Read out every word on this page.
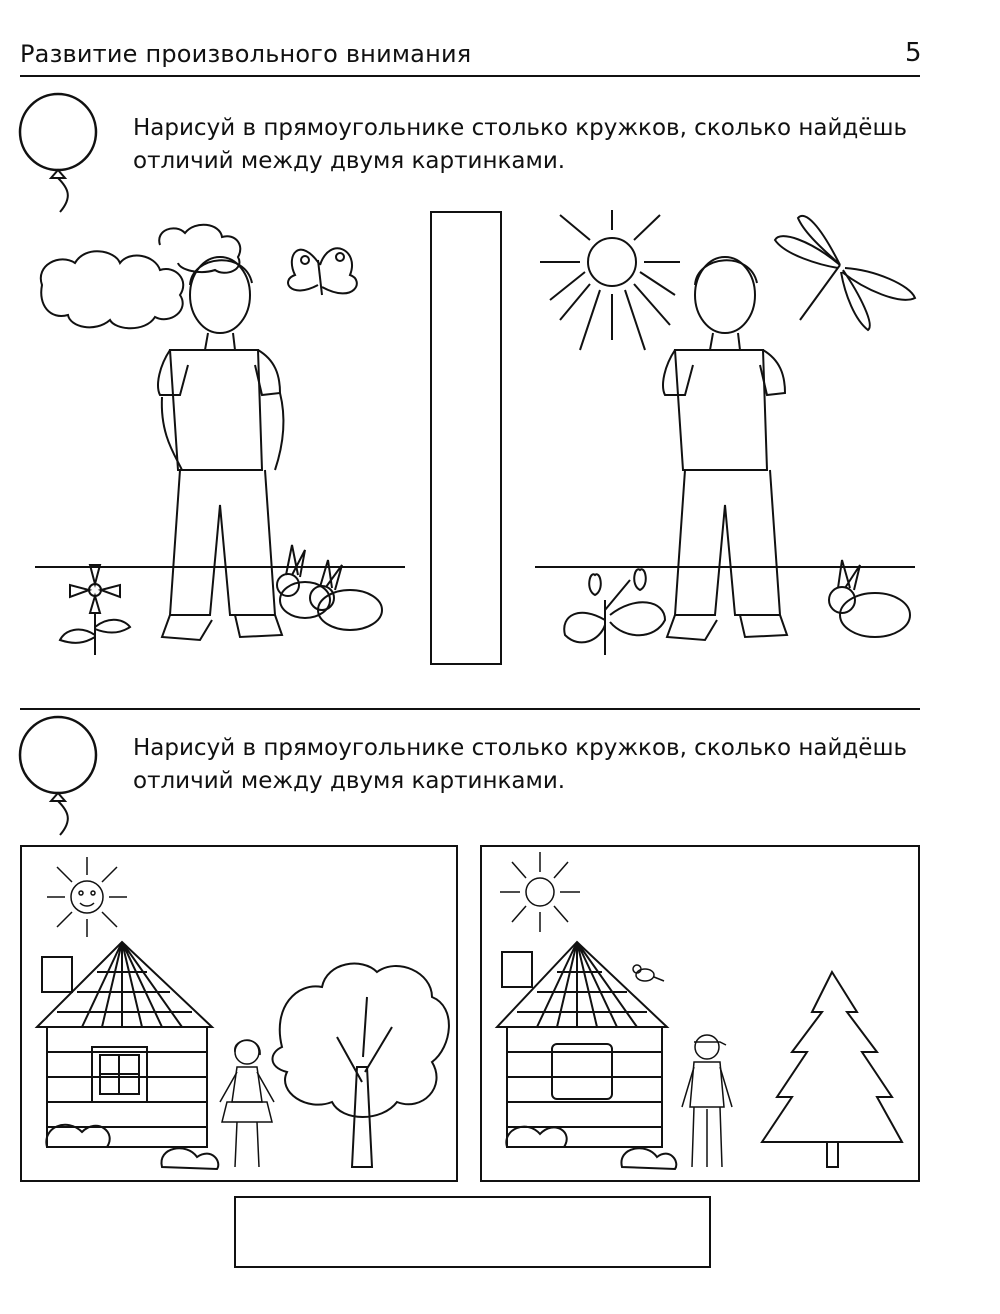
Развитие произвольного внимания	5
Нарисуй в прямоугольнике столько кружков, сколько найдёшь
отличий между двумя картинками.
Нарисуй в прямоугольнике столько кружков, сколько найдёшь
отличий между двумя картинками.
